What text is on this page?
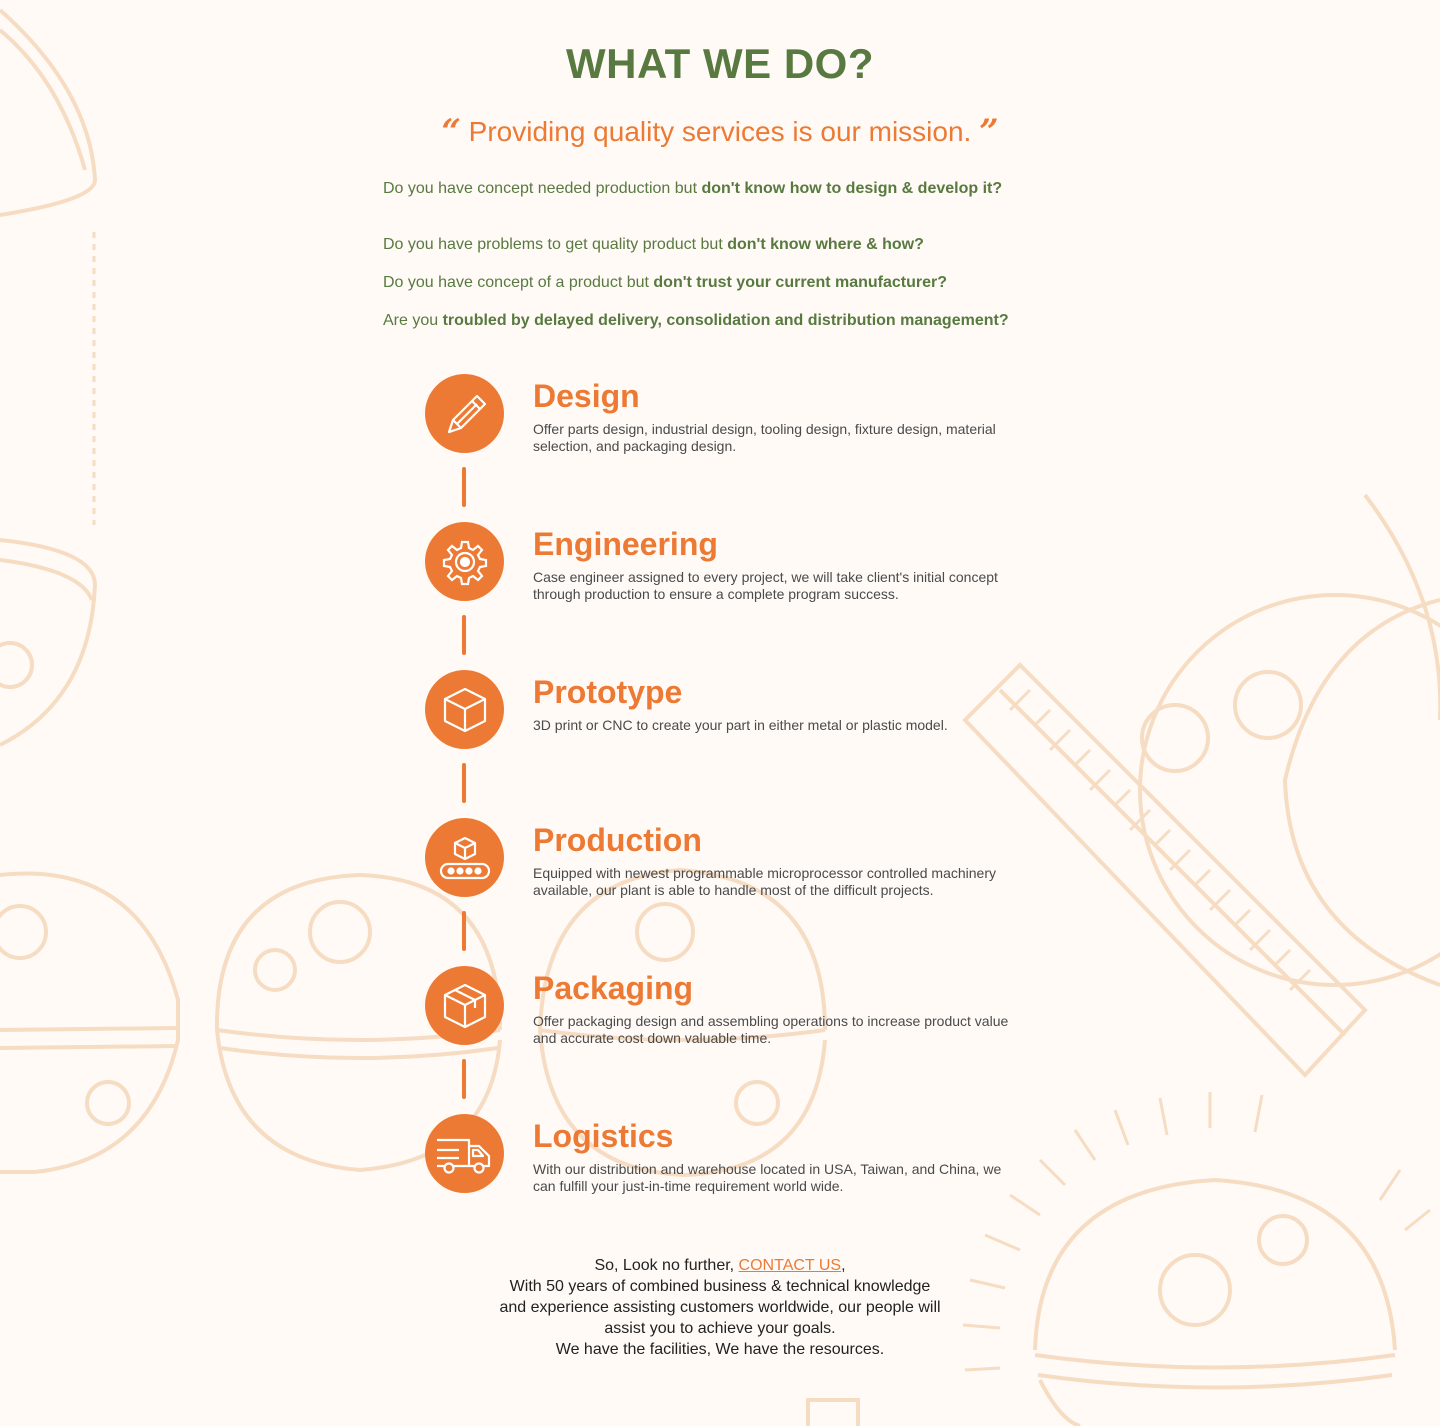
WHAT WE DO?

“ Providing quality services is our mission. ”

Do you have concept needed production but don't know how to design & develop it?

Do you have problems to get quality product but don't know where & how?

Do you have concept of a product but don't trust your current manufacturer?

Are you troubled by delayed delivery, consolidation and distribution management?

Design

Offer parts design, industrial design, tooling design, fixture design, material selection, and packaging design.

Engineering

Case engineer assigned to every project, we will take client's initial concept through production to ensure a complete program success.

Prototype

3D print or CNC to create your part in either metal or plastic model.

Production

Equipped with newest programmable microprocessor controlled machinery available, our plant is able to handle most of the difficult projects.

Packaging

Offer packaging design and assembling operations to increase product value and accurate cost down valuable time.

Logistics

With our distribution and warehouse located in USA, Taiwan, and China, we can fulfill your just-in-time requirement world wide.

So, Look no further, CONTACT US,
With 50 years of combined business & technical knowledge
and experience assisting customers worldwide, our people will
assist you to achieve your goals.
We have the facilities, We have the resources.
